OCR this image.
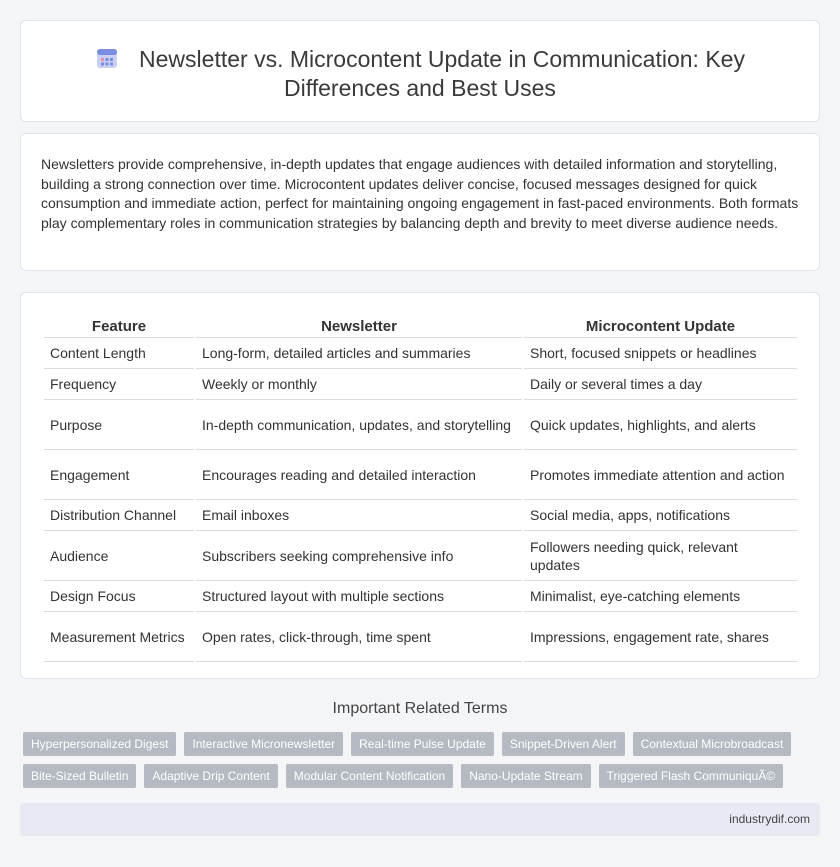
Newsletter vs. Microcontent Update in Communication: Key Differences and Best Uses

Newsletters provide comprehensive, in-depth updates that engage audiences with detailed information and storytelling, building a strong connection over time. Microcontent updates deliver concise, focused messages designed for quick consumption and immediate action, perfect for maintaining ongoing engagement in fast-paced environments. Both formats play complementary roles in communication strategies by balancing depth and brevity to meet diverse audience needs.

Feature	Newsletter	Microcontent Update
Content Length	Long-form, detailed articles and summaries	Short, focused snippets or headlines
Frequency	Weekly or monthly	Daily or several times a day
Purpose	In-depth communication, updates, and storytelling	Quick updates, highlights, and alerts
Engagement	Encourages reading and detailed interaction	Promotes immediate attention and action
Distribution Channel	Email inboxes	Social media, apps, notifications
Audience	Subscribers seeking comprehensive info	Followers needing quick, relevant updates
Design Focus	Structured layout with multiple sections	Minimalist, eye-catching elements
Measurement Metrics	Open rates, click-through, time spent	Impressions, engagement rate, shares
Important Related Terms
Hyperpersonalized Digest	Interactive Micronewsletter	Real-time Pulse Update	Snippet-Driven Alert	Contextual Microbroadcast
Bite-Sized Bulletin	Adaptive Drip Content	Modular Content Notification	Nano-Update Stream	Triggered Flash CommuniquÃ©
industrydif.com
